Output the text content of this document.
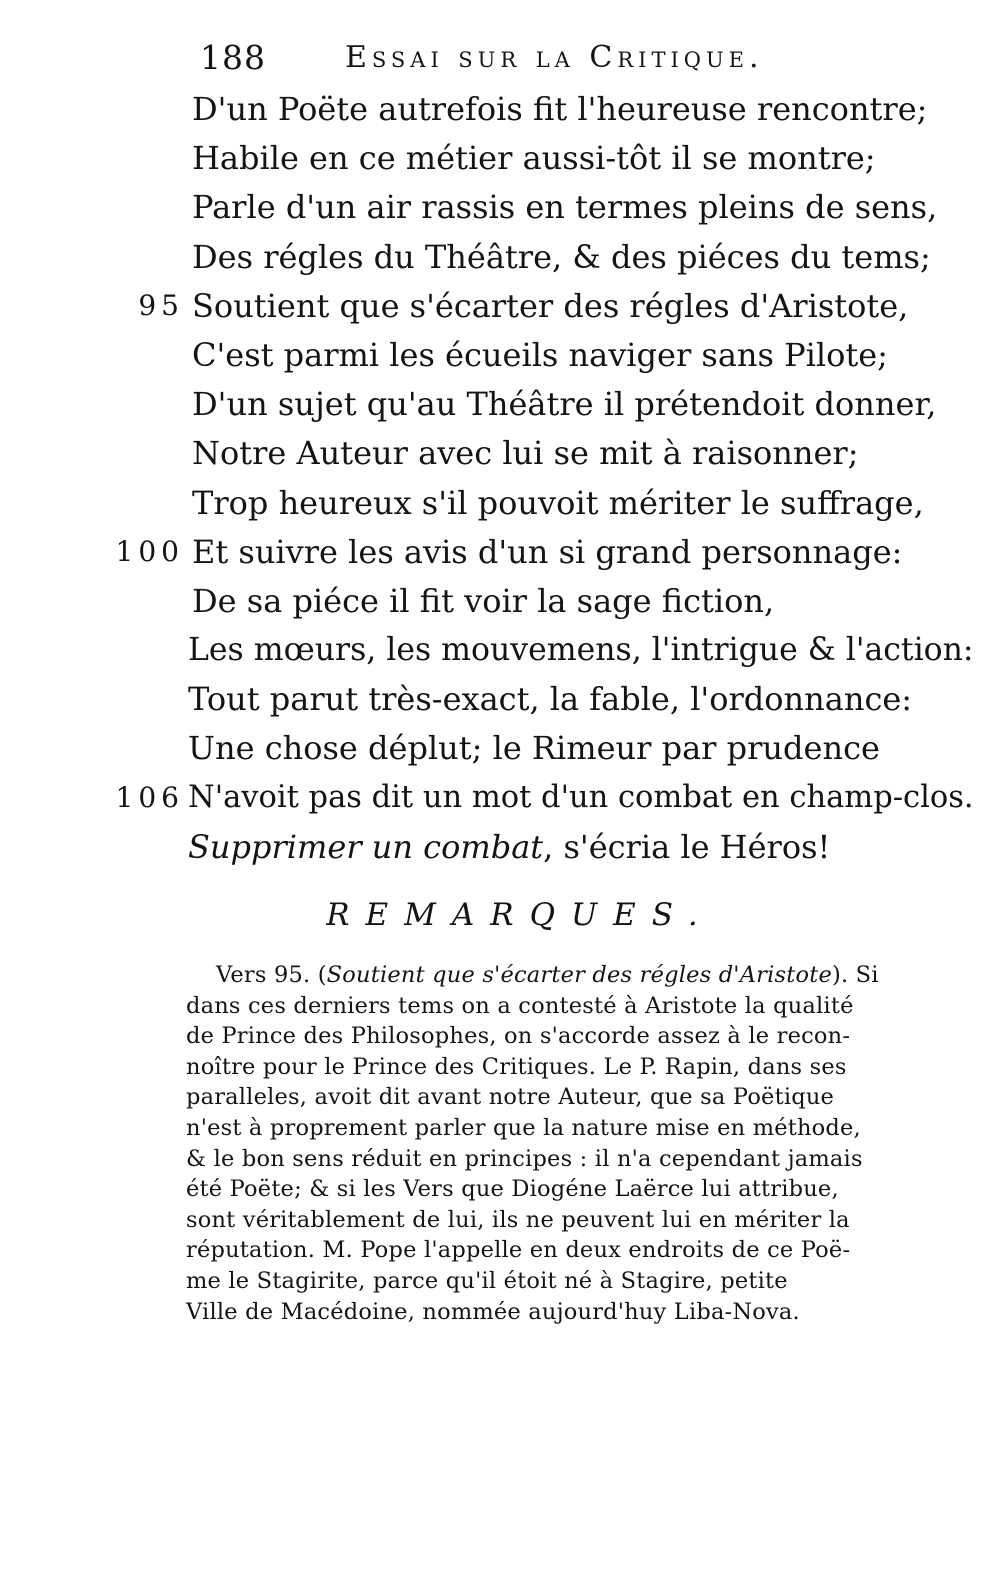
188	Essai sur la Critique.
D'un Poëte autrefois fit l'heureuse rencontre;
Habile en ce métier aussi-tôt il se montre;
Parle d'un air rassis en termes pleins de sens,
Des régles du Théâtre, & des piéces du tems;
95 Soutient que s'écarter des régles d'Aristote,
C'est parmi les écueils naviger sans Pilote;
D'un sujet qu'au Théâtre il prétendoit donner,
Notre Auteur avec lui se mit à raisonner;
Trop heureux s'il pouvoit mériter le suffrage,
100 Et suivre les avis d'un si grand personnage:
De sa piéce il fit voir la sage fiction,
Les mœurs, les mouvemens, l'intrigue & l'action:
Tout parut très-exact, la fable, l'ordonnance:
Une chose déplut; le Rimeur par prudence
106 N'avoit pas dit un mot d'un combat en champ-clos.
Supprimer un combat, s'écria le Héros!
REMARQUES.
Vers 95. (Soutient que s'écarter des régles d'Aristote). Si
dans ces derniers tems on a contesté à Aristote la qualité
de Prince des Philosophes, on s'accorde assez à le recon-
noître pour le Prince des Critiques. Le P. Rapin, dans ses
paralleles, avoit dit avant notre Auteur, que sa Poëtique
n'est à proprement parler que la nature mise en méthode,
& le bon sens réduit en principes : il n'a cependant jamais
été Poëte; & si les Vers que Diogéne Laërce lui attribue,
sont véritablement de lui, ils ne peuvent lui en mériter la
réputation. M. Pope l'appelle en deux endroits de ce Poë-
me le Stagirite, parce qu'il étoit né à Stagire, petite
Ville de Macédoine, nommée aujourd'huy Liba-Nova.
